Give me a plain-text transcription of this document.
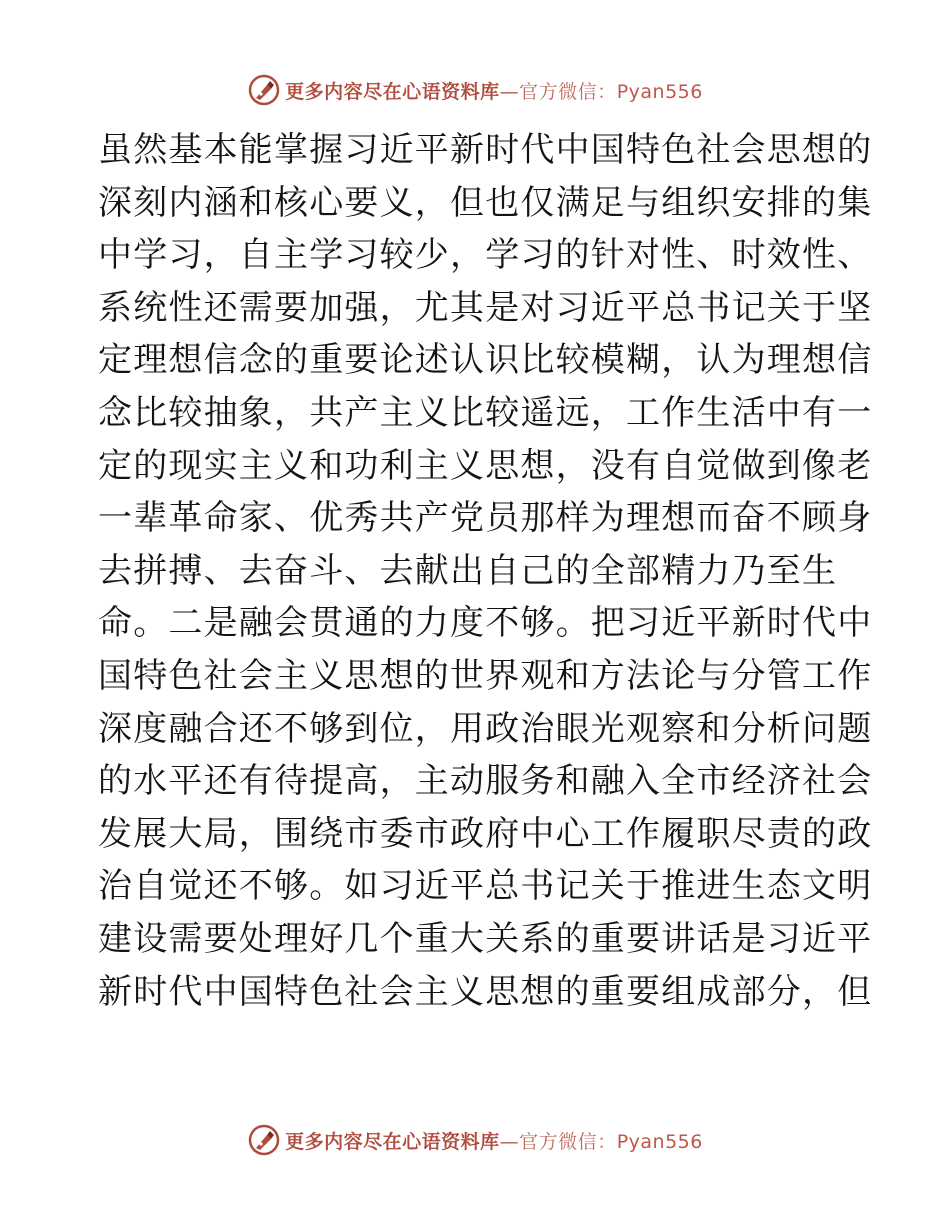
更多内容尽在心语资料库—官方微信：Pyan556
虽然基本能掌握习近平新时代中国特色社会思想的
深刻内涵和核心要义，但也仅满足与组织安排的集
中学习，自主学习较少，学习的针对性、时效性、
系统性还需要加强，尤其是对习近平总书记关于坚
定理想信念的重要论述认识比较模糊，认为理想信
念比较抽象，共产主义比较遥远，工作生活中有一
定的现实主义和功利主义思想，没有自觉做到像老
一辈革命家、优秀共产党员那样为理想而奋不顾身
去拼搏、去奋斗、去献出自己的全部精力乃至生
命。二是融会贯通的力度不够。把习近平新时代中
国特色社会主义思想的世界观和方法论与分管工作
深度融合还不够到位，用政治眼光观察和分析问题
的水平还有待提高，主动服务和融入全市经济社会
发展大局，围绕市委市政府中心工作履职尽责的政
治自觉还不够。如习近平总书记关于推进生态文明
建设需要处理好几个重大关系的重要讲话是习近平
新时代中国特色社会主义思想的重要组成部分，但
更多内容尽在心语资料库—官方微信：Pyan556
